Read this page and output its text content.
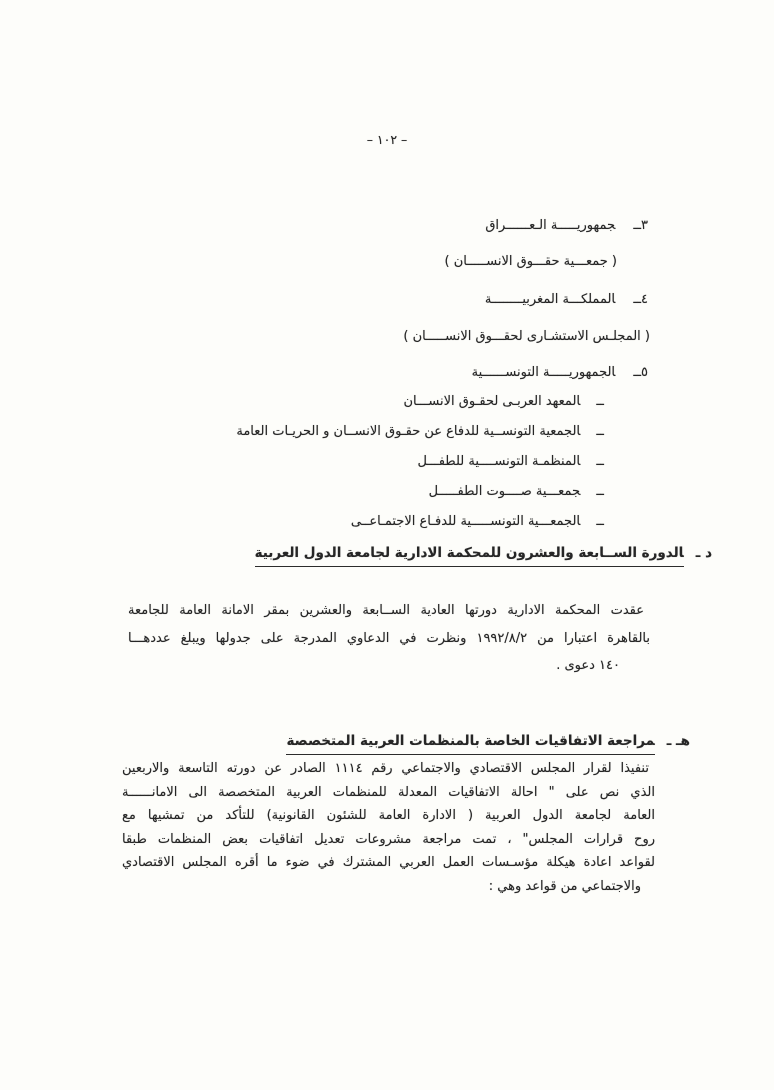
– ١٠٢ –
٣ــجمهوريـــــة الـعــــــراق
( جمعـــية حقـــوق الانســـــان )
٤ــالمملكـــة المغربيــــــــة
( المجلـس الاستشـارى لحقـــوق الانســـــان )
٥ــالجمهوريـــــة التونســــــية
ــالمعهد العربـى لحقـوق الانســـان
ــالجمعية التونســية للدفاع عن حقـوق الانســان و الحريـات العامة
ــالمنظمـة التونســــية للطفـــل
ــجمعـــية صــــوت الطفـــــل
ــالجمعـــية التونســـــية للدفـاع الاجتمـاعــى
د ـالدورة الســابعة والعشرون للمحكمة الادارية لجامعة الدول العربية
عقدت المحكمة الادارية دورتها العادية الســابعة والعشرين بمقر الامانة العامة للجامعة
بالقاهرة اعتبارا من ١٩٩٢/٨/٢ ونظرت في الدعاوي المدرجة على جدولها ويبلغ عددهـــا
١٤٠ دعوى .
هـ ـمراجعة الاتفاقيات الخاصة بالمنظمات العربية المتخصصة
تنفيذا لقرار المجلس الاقتصادي والاجتماعي رقم ١١١٤ الصادر عن دورته التاسعة والاربعين
الذي نص على " احالة الاتفاقيات المعدلة للمنظمات العربية المتخصصة الى الامانــــــة
العامة لجامعة الدول العربية ( الادارة العامة للشئون القانونية) للتأكد من تمشيها مع
روح قرارات المجلس" ، تمت مراجعة مشروعات تعديل اتفاقيات بعض المنظمات طبقا
لقواعد اعادة هيكلة مؤسـسات العمل العربي المشترك في ضوء ما أقره المجلس الاقتصادي
والاجتماعي من قواعد وهي :
